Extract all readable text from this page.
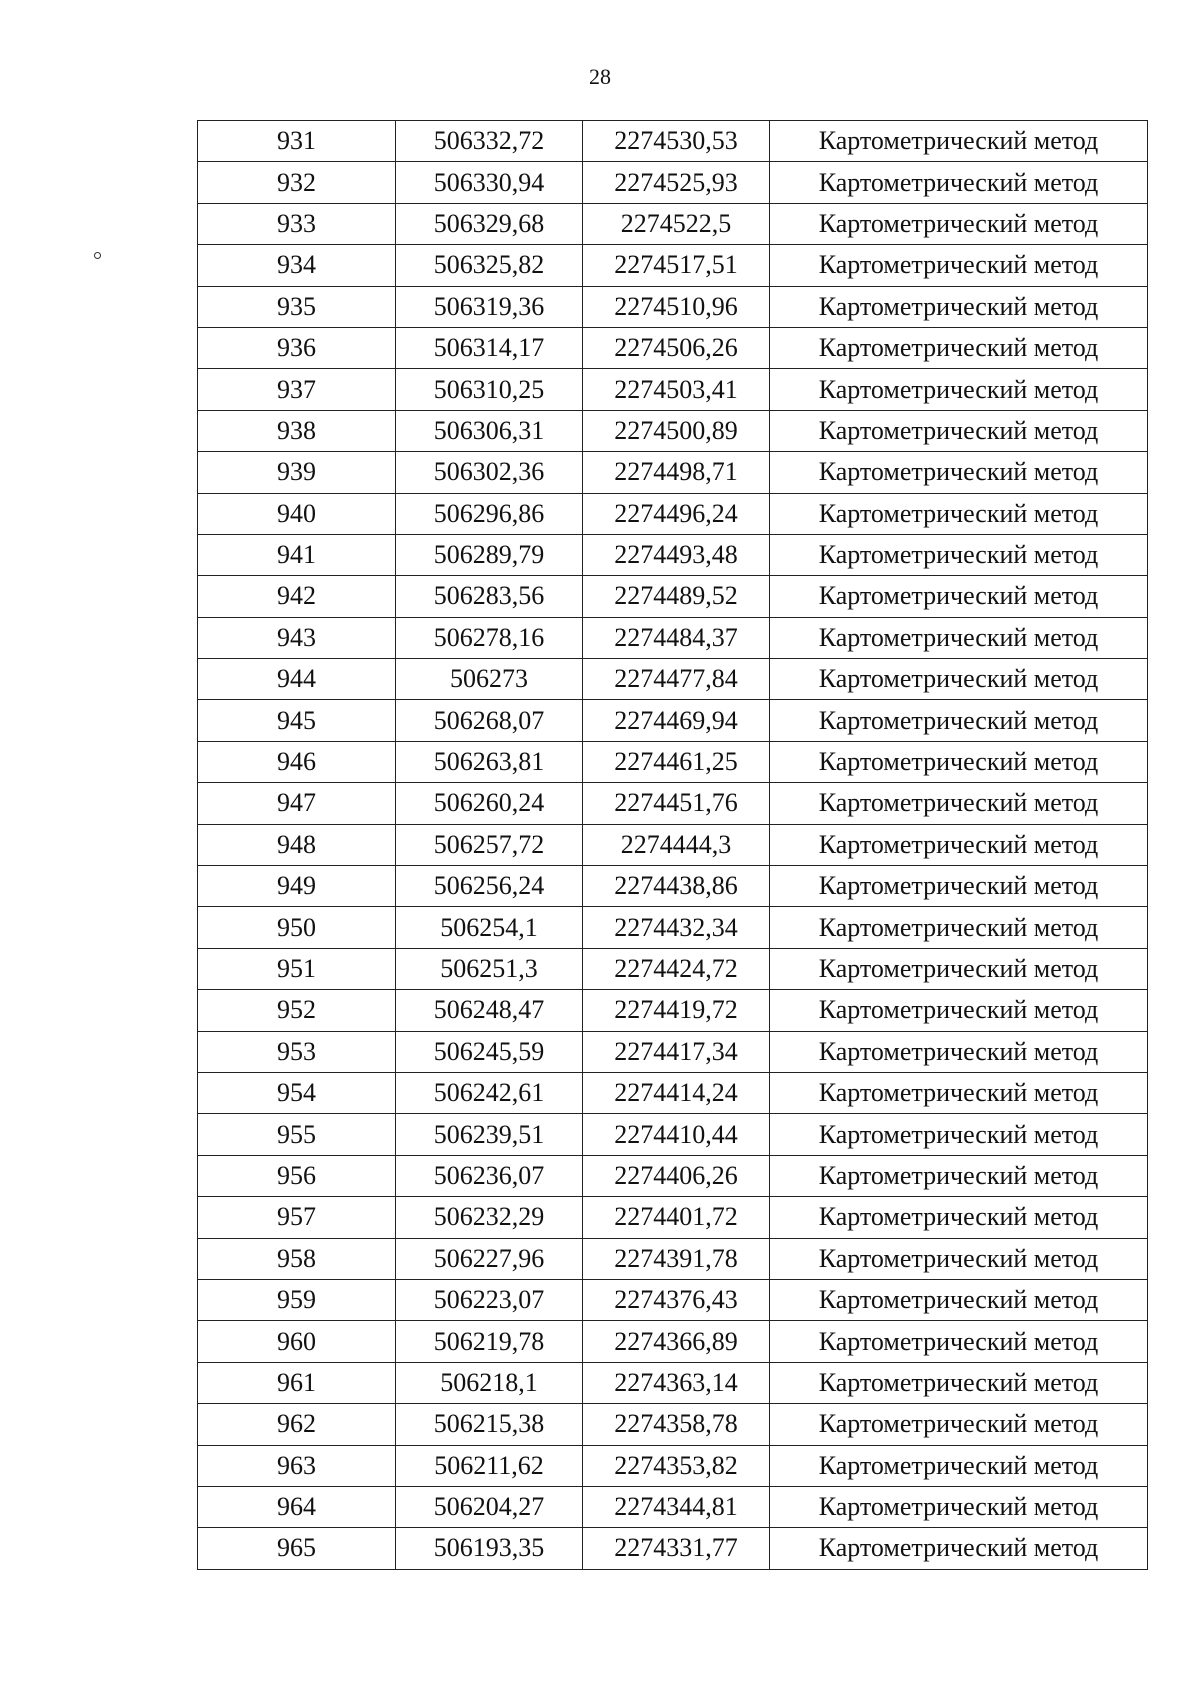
28
931	506332,72	2274530,53	Картометрический метод
932	506330,94	2274525,93	Картометрический метод
933	506329,68	2274522,5	Картометрический метод
934	506325,82	2274517,51	Картометрический метод
935	506319,36	2274510,96	Картометрический метод
936	506314,17	2274506,26	Картометрический метод
937	506310,25	2274503,41	Картометрический метод
938	506306,31	2274500,89	Картометрический метод
939	506302,36	2274498,71	Картометрический метод
940	506296,86	2274496,24	Картометрический метод
941	506289,79	2274493,48	Картометрический метод
942	506283,56	2274489,52	Картометрический метод
943	506278,16	2274484,37	Картометрический метод
944	506273	2274477,84	Картометрический метод
945	506268,07	2274469,94	Картометрический метод
946	506263,81	2274461,25	Картометрический метод
947	506260,24	2274451,76	Картометрический метод
948	506257,72	2274444,3	Картометрический метод
949	506256,24	2274438,86	Картометрический метод
950	506254,1	2274432,34	Картометрический метод
951	506251,3	2274424,72	Картометрический метод
952	506248,47	2274419,72	Картометрический метод
953	506245,59	2274417,34	Картометрический метод
954	506242,61	2274414,24	Картометрический метод
955	506239,51	2274410,44	Картометрический метод
956	506236,07	2274406,26	Картометрический метод
957	506232,29	2274401,72	Картометрический метод
958	506227,96	2274391,78	Картометрический метод
959	506223,07	2274376,43	Картометрический метод
960	506219,78	2274366,89	Картометрический метод
961	506218,1	2274363,14	Картометрический метод
962	506215,38	2274358,78	Картометрический метод
963	506211,62	2274353,82	Картометрический метод
964	506204,27	2274344,81	Картометрический метод
965	506193,35	2274331,77	Картометрический метод
